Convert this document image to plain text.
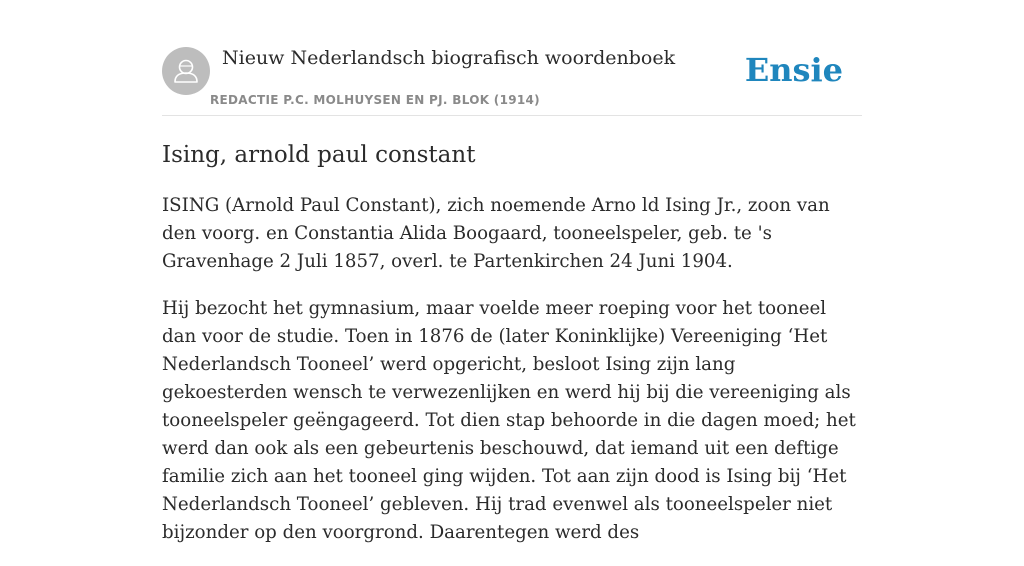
Nieuw Nederlandsch biografisch woordenboek
REDACTIE P.C. MOLHUYSEN EN PJ. BLOK (1914)
Ensie
Ising, arnold paul constant

ISING (Arnold Paul Constant), zich noemende Arno ld Ising Jr., zoon van den voorg. en Constantia Alida Boogaard, tooneelspeler, geb. te 's Gravenhage 2 Juli 1857, overl. te Partenkirchen 24 Juni 1904.

Hij bezocht het gymnasium, maar voelde meer roeping voor het tooneel dan voor de studie. Toen in 1876 de (later Koninklijke) Vereeniging ‘Het Nederlandsch Tooneel’ werd opgericht, besloot Ising zijn lang gekoesterden wensch te verwezenlijken en werd hij bij die vereeniging als tooneelspeler geëngageerd. Tot dien stap behoorde in die dagen moed; het werd dan ook als een gebeurtenis beschouwd, dat iemand uit een deftige familie zich aan het tooneel ging wijden. Tot aan zijn dood is Ising bij ‘Het Nederlandsch Tooneel’ gebleven. Hij trad evenwel als tooneelspeler niet bijzonder op den voorgrond. Daarentegen werd des
